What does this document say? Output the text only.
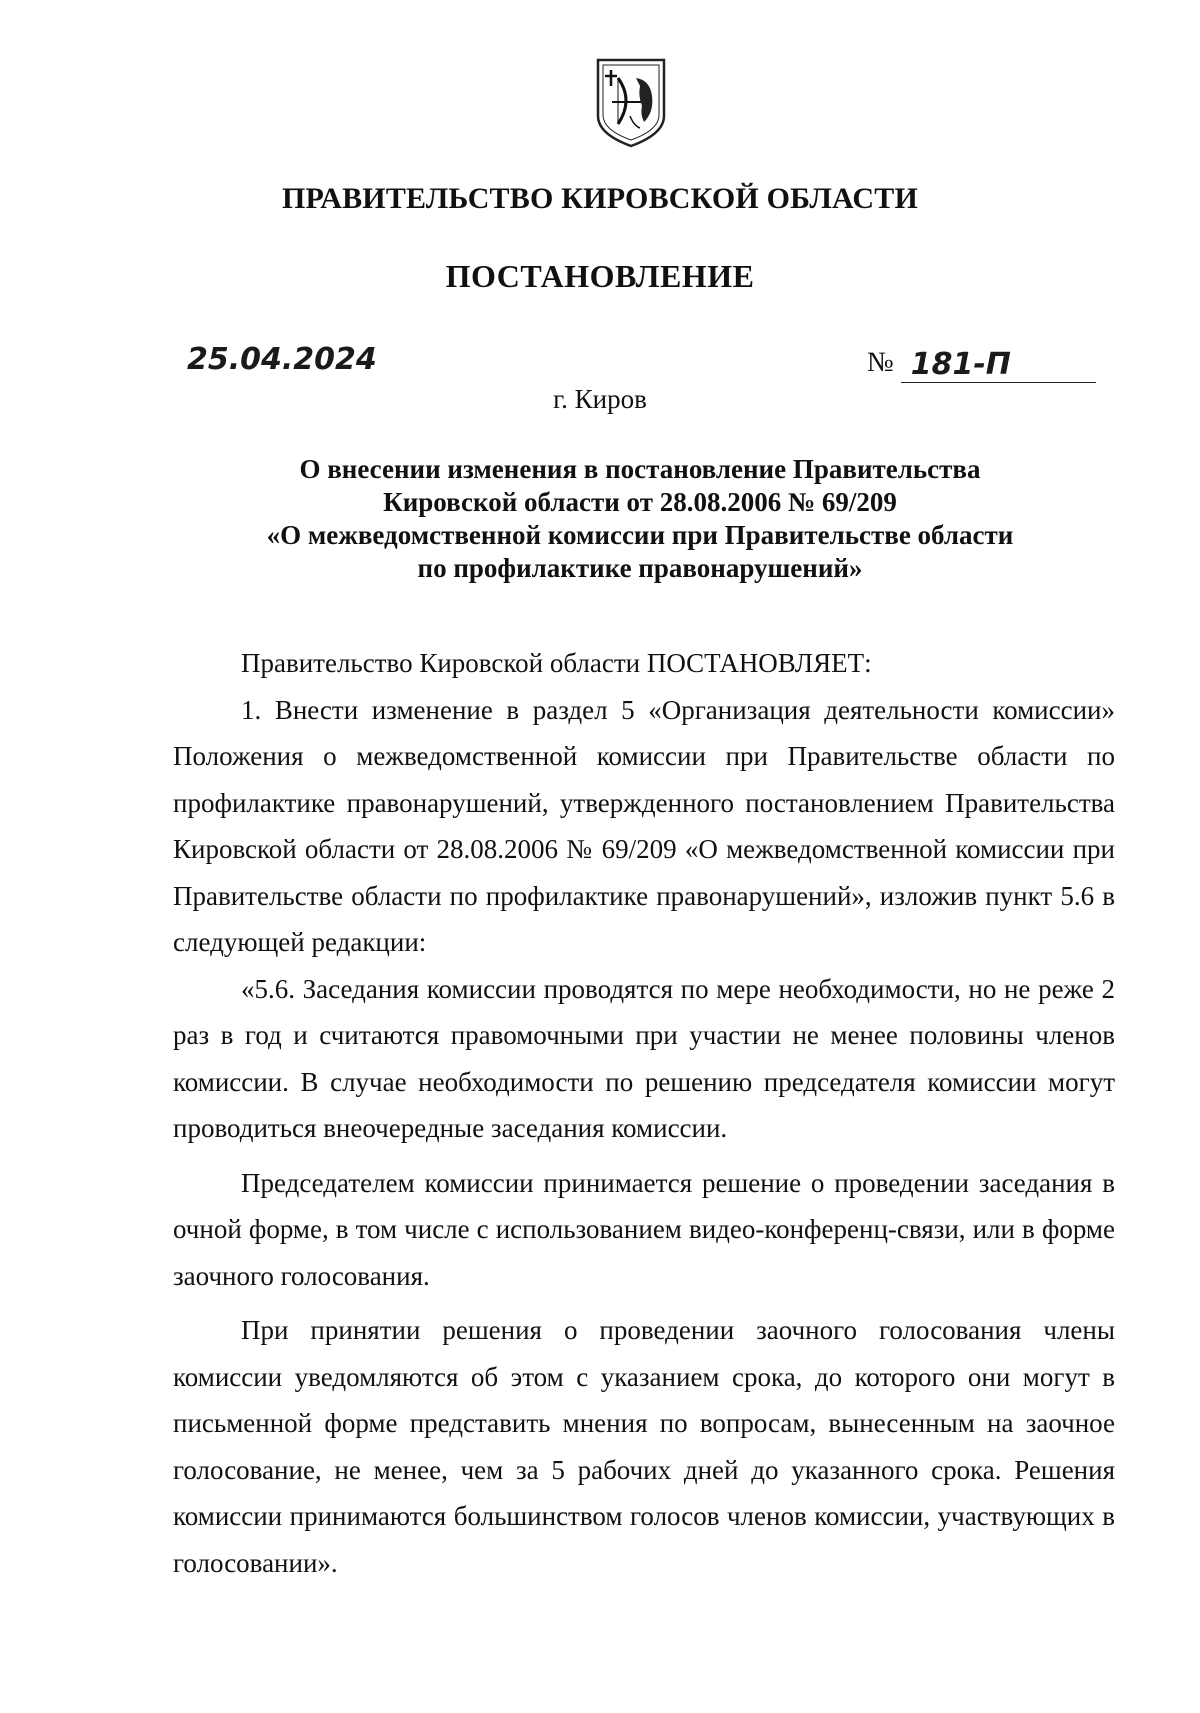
ПРАВИТЕЛЬСТВО КИРОВСКОЙ ОБЛАСТИ
ПОСТАНОВЛЕНИЕ
25.04.2024	№ 181-П
г. Киров
О внесении изменения в постановление Правительства
Кировской области от 28.08.2006 № 69/209
«О межведомственной комиссии при Правительстве области
по профилактике правонарушений»

Правительство Кировской области ПОСТАНОВЛЯЕТ:

1. Внести изменение в раздел 5 «Организация деятельности комиссии» Положения о межведомственной комиссии при Правительстве области по профилактике правонарушений, утвержденного постановлением Правительства Кировской области от 28.08.2006 № 69/209 «О межведомственной комиссии при Правительстве области по профилактике правонарушений», изложив пункт 5.6 в следующей редакции:

«5.6. Заседания комиссии проводятся по мере необходимости, но не реже 2 раз в год и считаются правомочными при участии не менее половины членов комиссии. В случае необходимости по решению председателя комиссии могут проводиться внеочередные заседания комиссии.

Председателем комиссии принимается решение о проведении заседания в очной форме, в том числе с использованием видео-конференц-связи, или в форме заочного голосования.

При принятии решения о проведении заочного голосования члены комиссии уведомляются об этом с указанием срока, до которого они могут в письменной форме представить мнения по вопросам, вынесенным на заочное голосование, не менее, чем за 5 рабочих дней до указанного срока. Решения комиссии принимаются большинством голосов членов комиссии, участвующих в голосовании».
